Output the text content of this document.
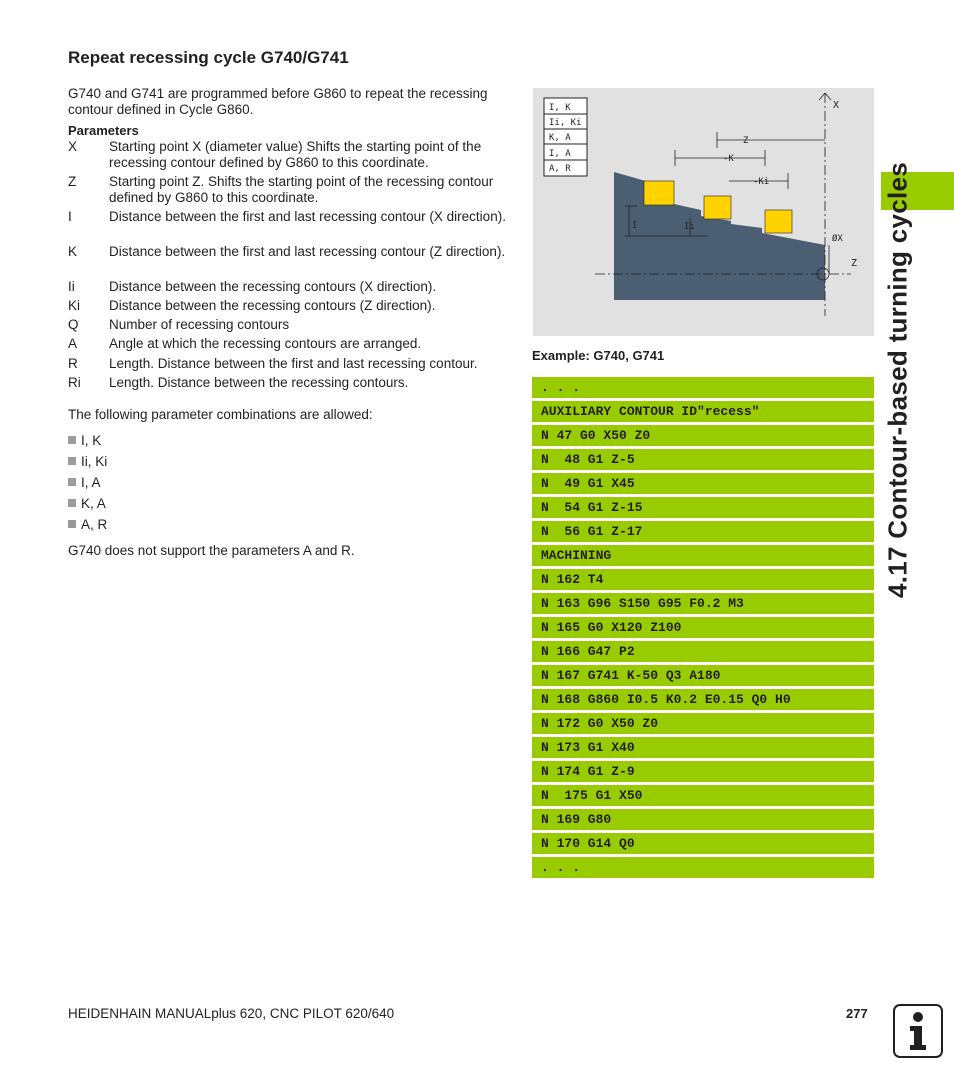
Repeat recessing cycle G740/G741
G740 and G741 are programmed before G860 to repeat the recessing contour defined in Cycle G860.
Parameters
X	Starting point X (diameter value) Shifts the starting point of the recessing contour defined by G860 to this coordinate.
Z	Starting point Z. Shifts the starting point of the recessing contour defined by G860 to this coordinate.
I	Distance between the first and last recessing contour (X direction).
K	Distance between the first and last recessing contour (Z direction).
Ii	Distance between the recessing contours (X direction).
Ki	Distance between the recessing contours (Z direction).
Q	Number of recessing contours
A	Angle at which the recessing contours are arranged.
R	Length. Distance between the first and last recessing contour.
Ri	Length. Distance between the recessing contours.
The following parameter combinations are allowed:
I, K
Ii, Ki
I, A
K, A
A, R
G740 does not support the parameters A and R.
I, K
Ii, Ki
K, A
I, A
A, R
X
Z
Z
-K
-Ki
I	Ii
ØX
Example: G740, G741
. . .
AUXILIARY CONTOUR ID"recess"
N 47 G0 X50 Z0
N  48 G1 Z-5
N  49 G1 X45
N  54 G1 Z-15
N  56 G1 Z-17
MACHINING
N 162 T4
N 163 G96 S150 G95 F0.2 M3
N 165 G0 X120 Z100
N 166 G47 P2
N 167 G741 K-50 Q3 A180
N 168 G860 I0.5 K0.2 E0.15 Q0 H0
N 172 G0 X50 Z0
N 173 G1 X40
N 174 G1 Z-9
N  175 G1 X50
N 169 G80
N 170 G14 Q0
. . .
4.17 Contour-based turning cycles
HEIDENHAIN MANUALplus 620, CNC PILOT 620/640	277
